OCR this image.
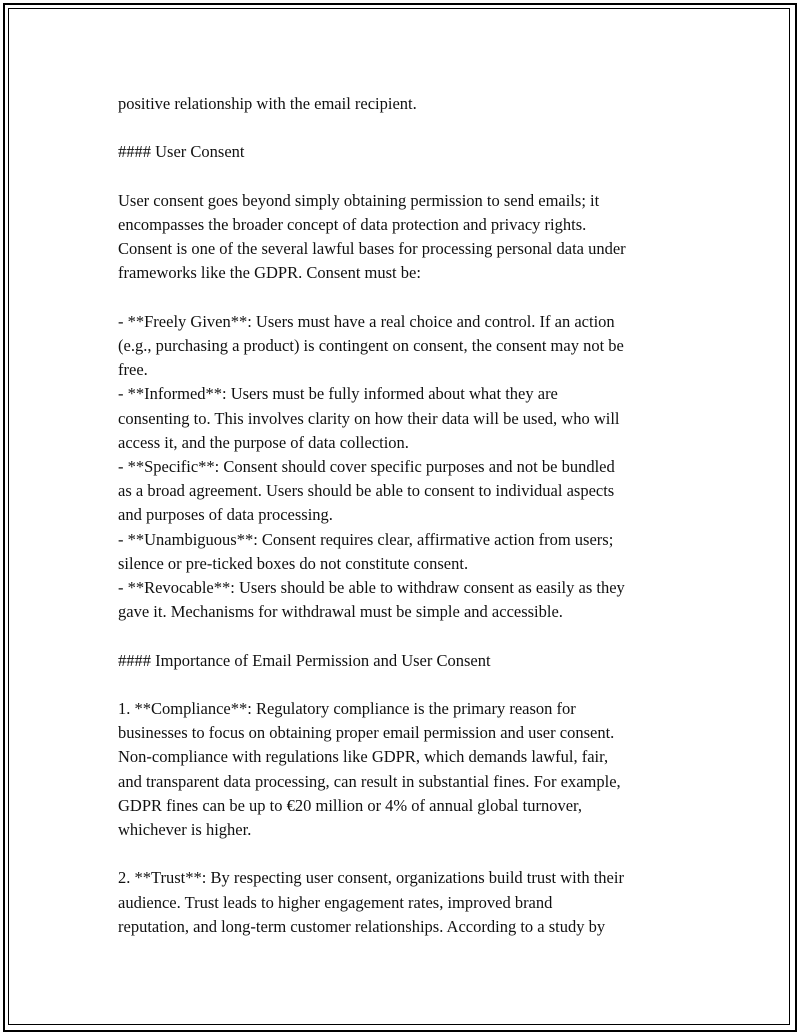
positive relationship with the email recipient.

#### User Consent

User consent goes beyond simply obtaining permission to send emails; it
encompasses the broader concept of data protection and privacy rights.
Consent is one of the several lawful bases for processing personal data under
frameworks like the GDPR. Consent must be:

- **Freely Given**: Users must have a real choice and control. If an action
(e.g., purchasing a product) is contingent on consent, the consent may not be
free.
- **Informed**: Users must be fully informed about what they are
consenting to. This involves clarity on how their data will be used, who will
access it, and the purpose of data collection.
- **Specific**: Consent should cover specific purposes and not be bundled
as a broad agreement. Users should be able to consent to individual aspects
and purposes of data processing.
- **Unambiguous**: Consent requires clear, affirmative action from users;
silence or pre-ticked boxes do not constitute consent.
- **Revocable**: Users should be able to withdraw consent as easily as they
gave it. Mechanisms for withdrawal must be simple and accessible.

#### Importance of Email Permission and User Consent

1. **Compliance**: Regulatory compliance is the primary reason for
businesses to focus on obtaining proper email permission and user consent.
Non-compliance with regulations like GDPR, which demands lawful, fair,
and transparent data processing, can result in substantial fines. For example,
GDPR fines can be up to €20 million or 4% of annual global turnover,
whichever is higher.

2. **Trust**: By respecting user consent, organizations build trust with their
audience. Trust leads to higher engagement rates, improved brand
reputation, and long-term customer relationships. According to a study by
